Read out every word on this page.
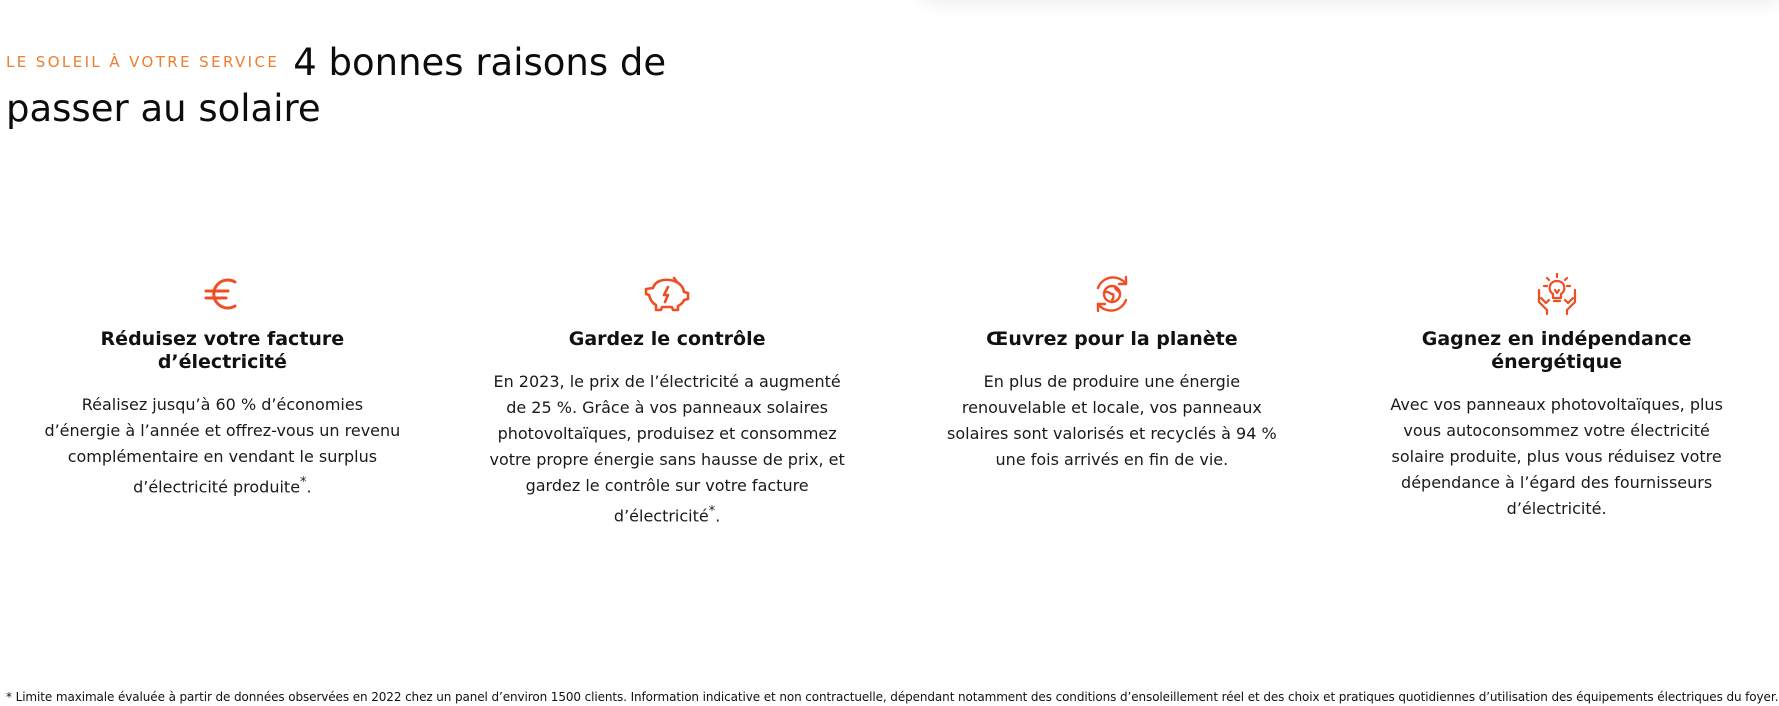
LE SOLEIL À VOTRE SERVICE 4 bonnes raisons de passer au solaire
Réduisez votre facture d’électricité

Réalisez jusqu’à 60 % d’économies d’énergie à l’année et offrez-vous un revenu complémentaire en vendant le surplus d’électricité produite*.

Gardez le contrôle

En 2023, le prix de l’électricité a augmenté de 25 %. Grâce à vos panneaux solaires photovoltaïques, produisez et consommez votre propre énergie sans hausse de prix, et gardez le contrôle sur votre facture d’électricité*.

Œuvrez pour la planète

En plus de produire une énergie renouvelable et locale, vos panneaux solaires sont valorisés et recyclés à 94 % une fois arrivés en fin de vie.

Gagnez en indépendance énergétique

Avec vos panneaux photovoltaïques, plus vous autoconsommez votre électricité solaire produite, plus vous réduisez votre dépendance à l’égard des fournisseurs d’électricité.

* Limite maximale évaluée à partir de données observées en 2022 chez un panel d’environ 1500 clients. Information indicative et non contractuelle, dépendant notamment des conditions d’ensoleillement réel et des choix et pratiques quotidiennes d’utilisation des équipements électriques du foyer.
